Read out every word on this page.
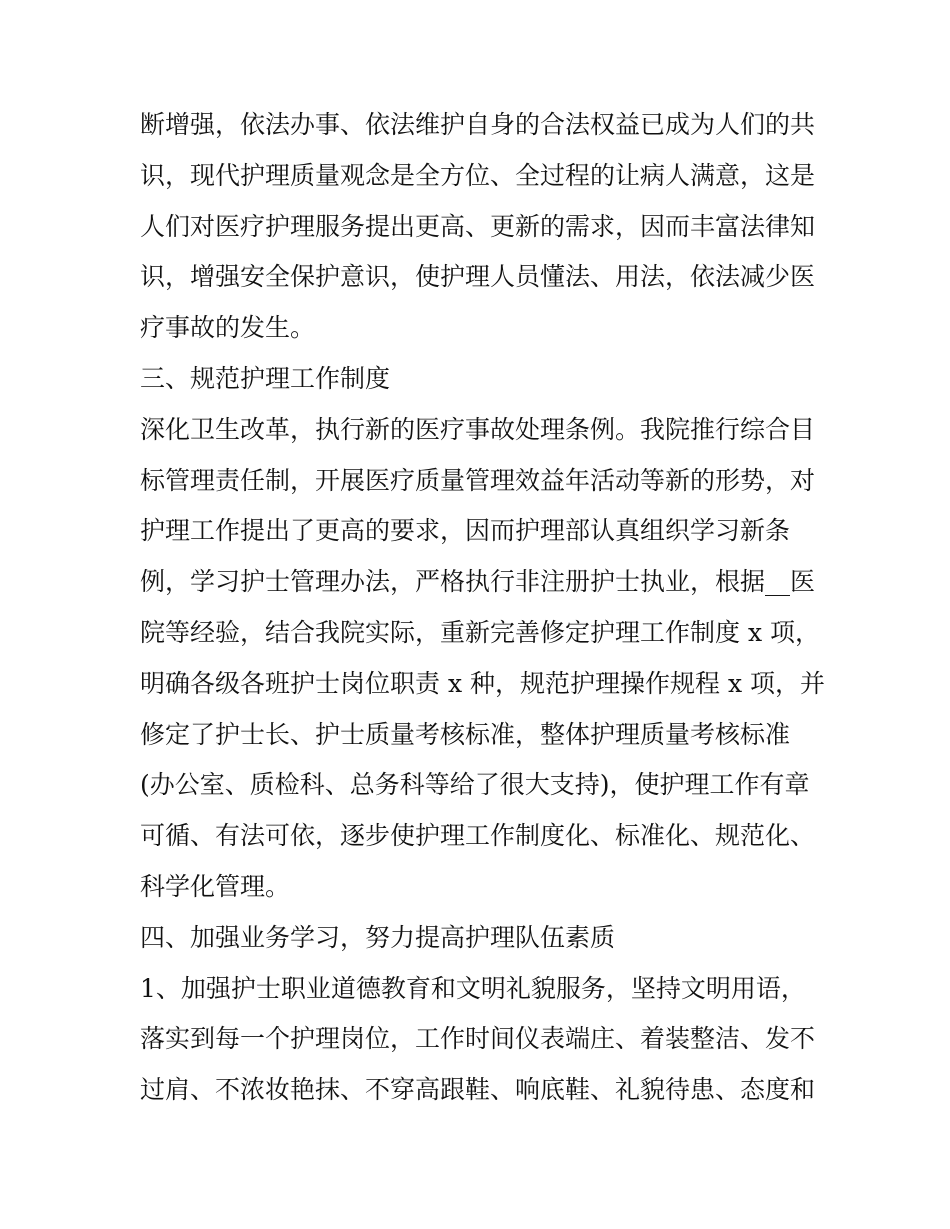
断增强，依法办事、依法维护自身的合法权益已成为人们的共
识，现代护理质量观念是全方位、全过程的让病人满意，这是
人们对医疗护理服务提出更高、更新的需求，因而丰富法律知
识，增强安全保护意识，使护理人员懂法、用法，依法减少医
疗事故的发生。
三、规范护理工作制度
深化卫生改革，执行新的医疗事故处理条例。我院推行综合目
标管理责任制，开展医疗质量管理效益年活动等新的形势，对
护理工作提出了更高的要求，因而护理部认真组织学习新条
例，学习护士管理办法，严格执行非注册护士执业，根据__医
院等经验，结合我院实际，重新完善修定护理工作制度 x 项，
明确各级各班护士岗位职责 x 种，规范护理操作规程 x 项，并
修定了护士长、护士质量考核标准，整体护理质量考核标准
(办公室、质检科、总务科等给了很大支持)，使护理工作有章
可循、有法可依，逐步使护理工作制度化、标准化、规范化、
科学化管理。
四、加强业务学习，努力提高护理队伍素质
1、加强护士职业道德教育和文明礼貌服务，坚持文明用语，
落实到每一个护理岗位，工作时间仪表端庄、着装整洁、发不
过肩、不浓妆艳抹、不穿高跟鞋、响底鞋、礼貌待患、态度和
